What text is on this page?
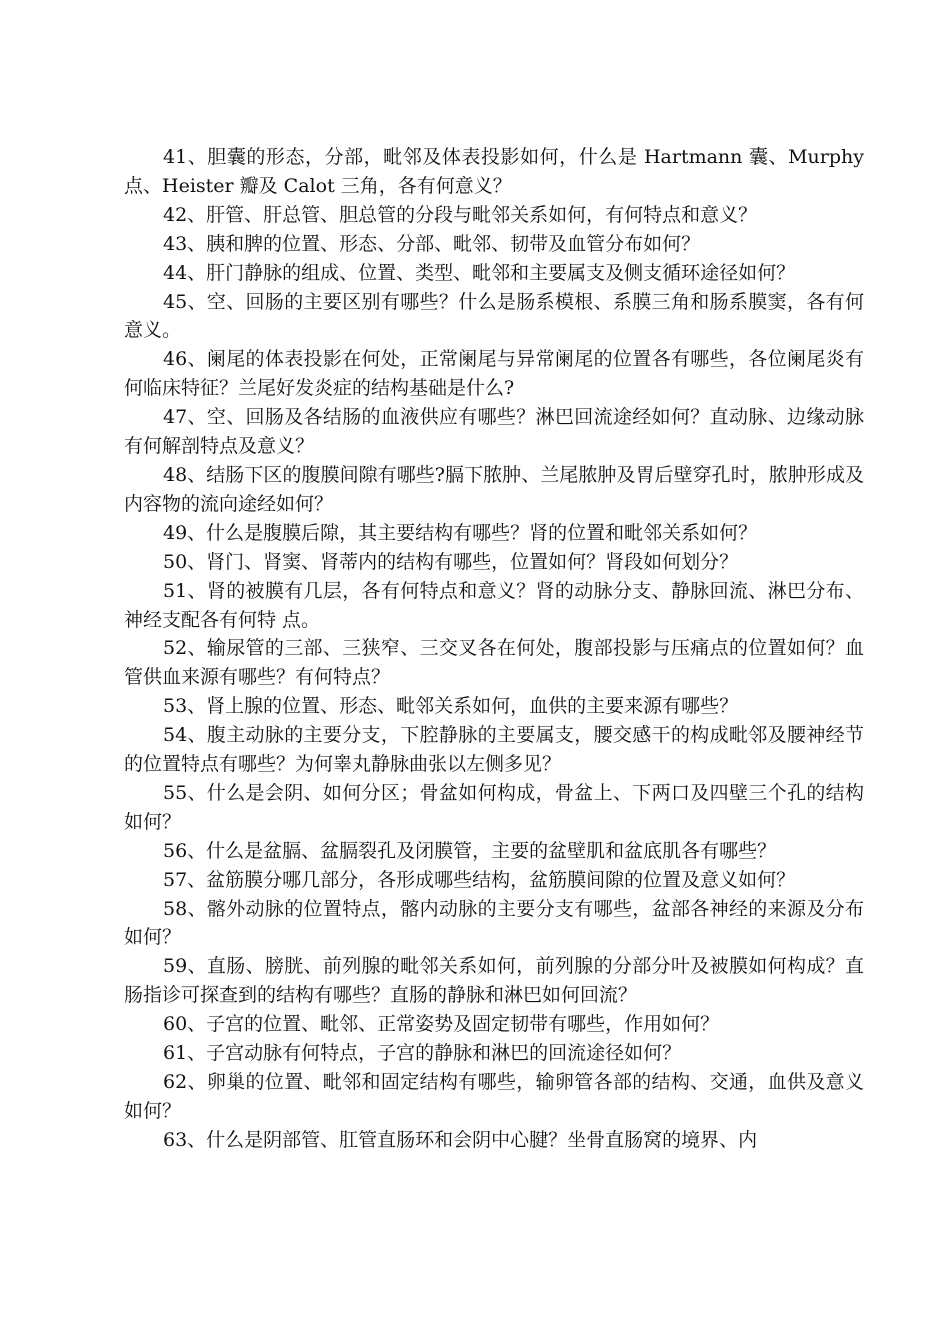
41、胆囊的形态，分部，毗邻及体表投影如何，什么是 Hartmann 囊、Murphy 点、Heister 瓣及 Calot 三角，各有何意义？

42、肝管、肝总管、胆总管的分段与毗邻关系如何，有何特点和意义？

43、胰和脾的位置、形态、分部、毗邻、韧带及血管分布如何？

44、肝门静脉的组成、位置、类型、毗邻和主要属支及侧支循环途径如何？

45、空、回肠的主要区别有哪些？什么是肠系模根、系膜三角和肠系膜窦，各有何意义。

46、阑尾的体表投影在何处，正常阑尾与异常阑尾的位置各有哪些，各位阑尾炎有何临床特征？兰尾好发炎症的结构基础是什么?

47、空、回肠及各结肠的血液供应有哪些？淋巴回流途经如何？直动脉、边缘动脉有何解剖特点及意义？

48、结肠下区的腹膜间隙有哪些?膈下脓肿、兰尾脓肿及胃后壁穿孔时，脓肿形成及内容物的流向途经如何？

49、什么是腹膜后隙，其主要结构有哪些？肾的位置和毗邻关系如何？

50、肾门、肾窦、肾蒂内的结构有哪些，位置如何？肾段如何划分？

51、肾的被膜有几层，各有何特点和意义？肾的动脉分支、静脉回流、淋巴分布、神经支配各有何特 点。

52、输尿管的三部、三狭窄、三交叉各在何处，腹部投影与压痛点的位置如何？血管供血来源有哪些？有何特点？

53、肾上腺的位置、形态、毗邻关系如何，血供的主要来源有哪些？

54、腹主动脉的主要分支，下腔静脉的主要属支，腰交感干的构成毗邻及腰神经节的位置特点有哪些？为何睾丸静脉曲张以左侧多见？

55、什么是会阴、如何分区；骨盆如何构成，骨盆上、下两口及四壁三个孔的结构如何？

56、什么是盆膈、盆膈裂孔及闭膜管，主要的盆壁肌和盆底肌各有哪些？

57、盆筋膜分哪几部分，各形成哪些结构，盆筋膜间隙的位置及意义如何？

58、髂外动脉的位置特点，髂内动脉的主要分支有哪些，盆部各神经的来源及分布如何？

59、直肠、膀胱、前列腺的毗邻关系如何，前列腺的分部分叶及被膜如何构成？直肠指诊可探查到的结构有哪些？直肠的静脉和淋巴如何回流？

60、子宫的位置、毗邻、正常姿势及固定韧带有哪些，作用如何？

61、子宫动脉有何特点，子宫的静脉和淋巴的回流途径如何？

62、卵巢的位置、毗邻和固定结构有哪些，输卵管各部的结构、交通，血供及意义如何？

63、什么是阴部管、肛管直肠环和会阴中心腱？坐骨直肠窝的境界、内
